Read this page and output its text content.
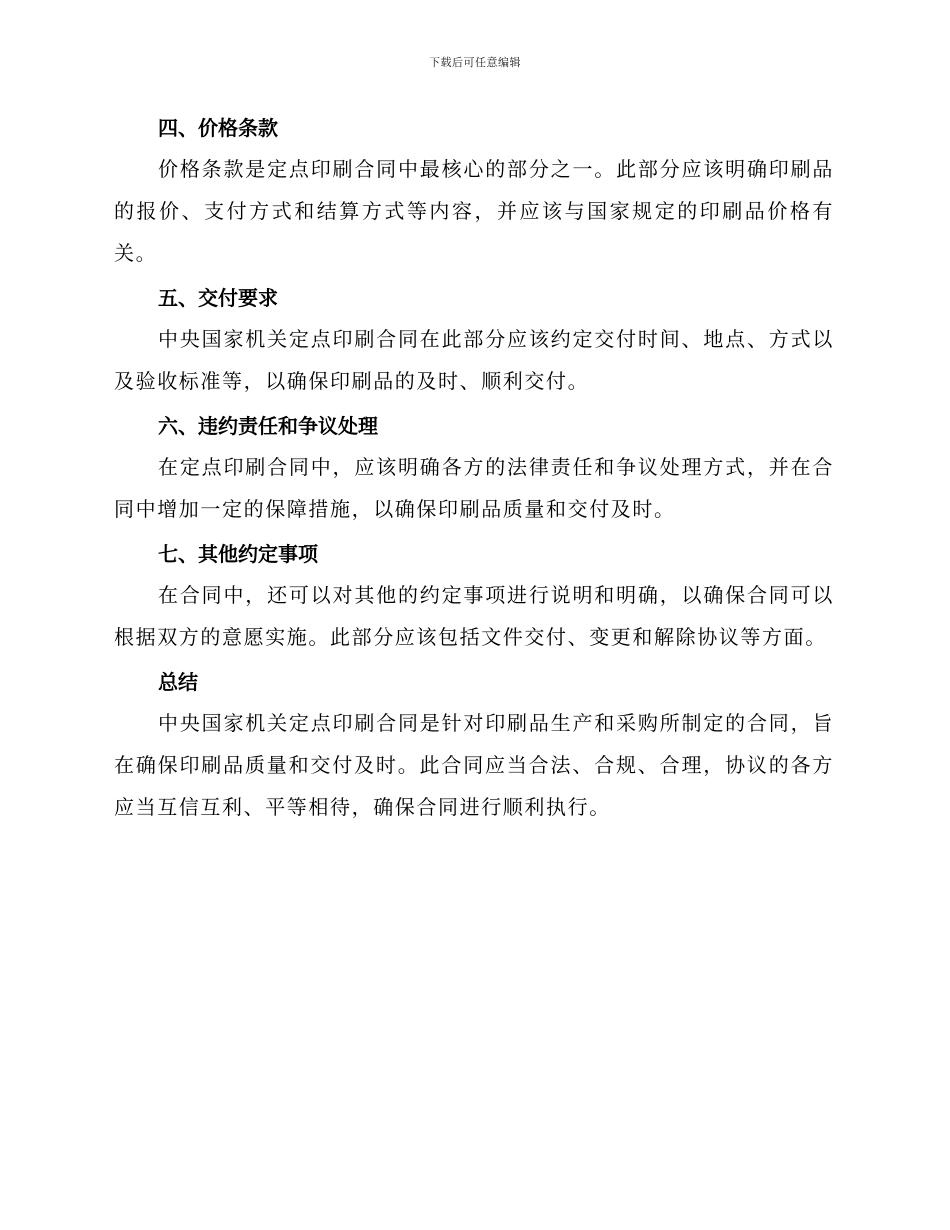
下载后可任意编辑
四、价格条款

价格条款是定点印刷合同中最核心的部分之一。此部分应该明确印刷品的报价、支付方式和结算方式等内容，并应该与国家规定的印刷品价格有关。

五、交付要求

中央国家机关定点印刷合同在此部分应该约定交付时间、地点、方式以及验收标准等，以确保印刷品的及时、顺利交付。

六、违约责任和争议处理

在定点印刷合同中，应该明确各方的法律责任和争议处理方式，并在合同中增加一定的保障措施，以确保印刷品质量和交付及时。

七、其他约定事项

在合同中，还可以对其他的约定事项进行说明和明确，以确保合同可以根据双方的意愿实施。此部分应该包括文件交付、变更和解除协议等方面。

总结

中央国家机关定点印刷合同是针对印刷品生产和采购所制定的合同，旨在确保印刷品质量和交付及时。此合同应当合法、合规、合理，协议的各方应当互信互利、平等相待，确保合同进行顺利执行。
